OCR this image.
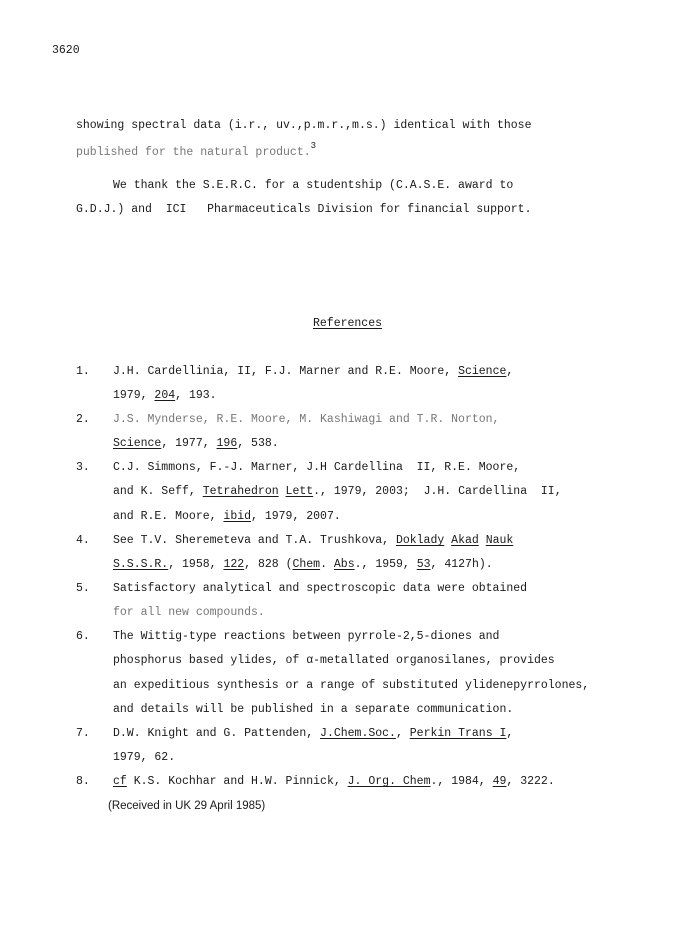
3620
showing spectral data (i.r., uv.,p.m.r.,m.s.) identical with those
published for the natural product.$^3$
We thank the S.E.R.C. for a studentship (C.A.S.E. award to
G.D.J.) and  ICI   Pharmaceuticals Division for financial support.
References
1. J.H. Cardellinia, II, F.J. Marner and R.E. Moore, Science,
1979, 204, 193.
2. J.S. Mynderse, R.E. Moore, M. Kashiwagi and T.R. Norton,
Science, 1977, 196, 538.
3. C.J. Simmons, F.-J. Marner, J.H Cardellina  II, R.E. Moore,
and K. Seff, Tetrahedron Lett., 1979, 2003;  J.H. Cardellina  II,
and R.E. Moore, ibid, 1979, 2007.
4. See T.V. Sheremeteva and T.A. Trushkova, Doklady Akad Nauk
S.S.S.R., 1958, 122, 828 (Chem. Abs., 1959, 53, 4127h).
5. Satisfactory analytical and spectroscopic data were obtained
for all new compounds.
6. The Wittig-type reactions between pyrrole-2,5-diones and
phosphorus based ylides, of α-metallated organosilanes, provides
an expeditious synthesis or a range of substituted ylidenepyrrolones,
and details will be published in a separate communication.
7. D.W. Knight and G. Pattenden, J.Chem.Soc., Perkin Trans I,
1979, 62.
8. cf K.S. Kochhar and H.W. Pinnick, J. Org. Chem., 1984, 49, 3222.
(Received in UK 29 April 1985)
